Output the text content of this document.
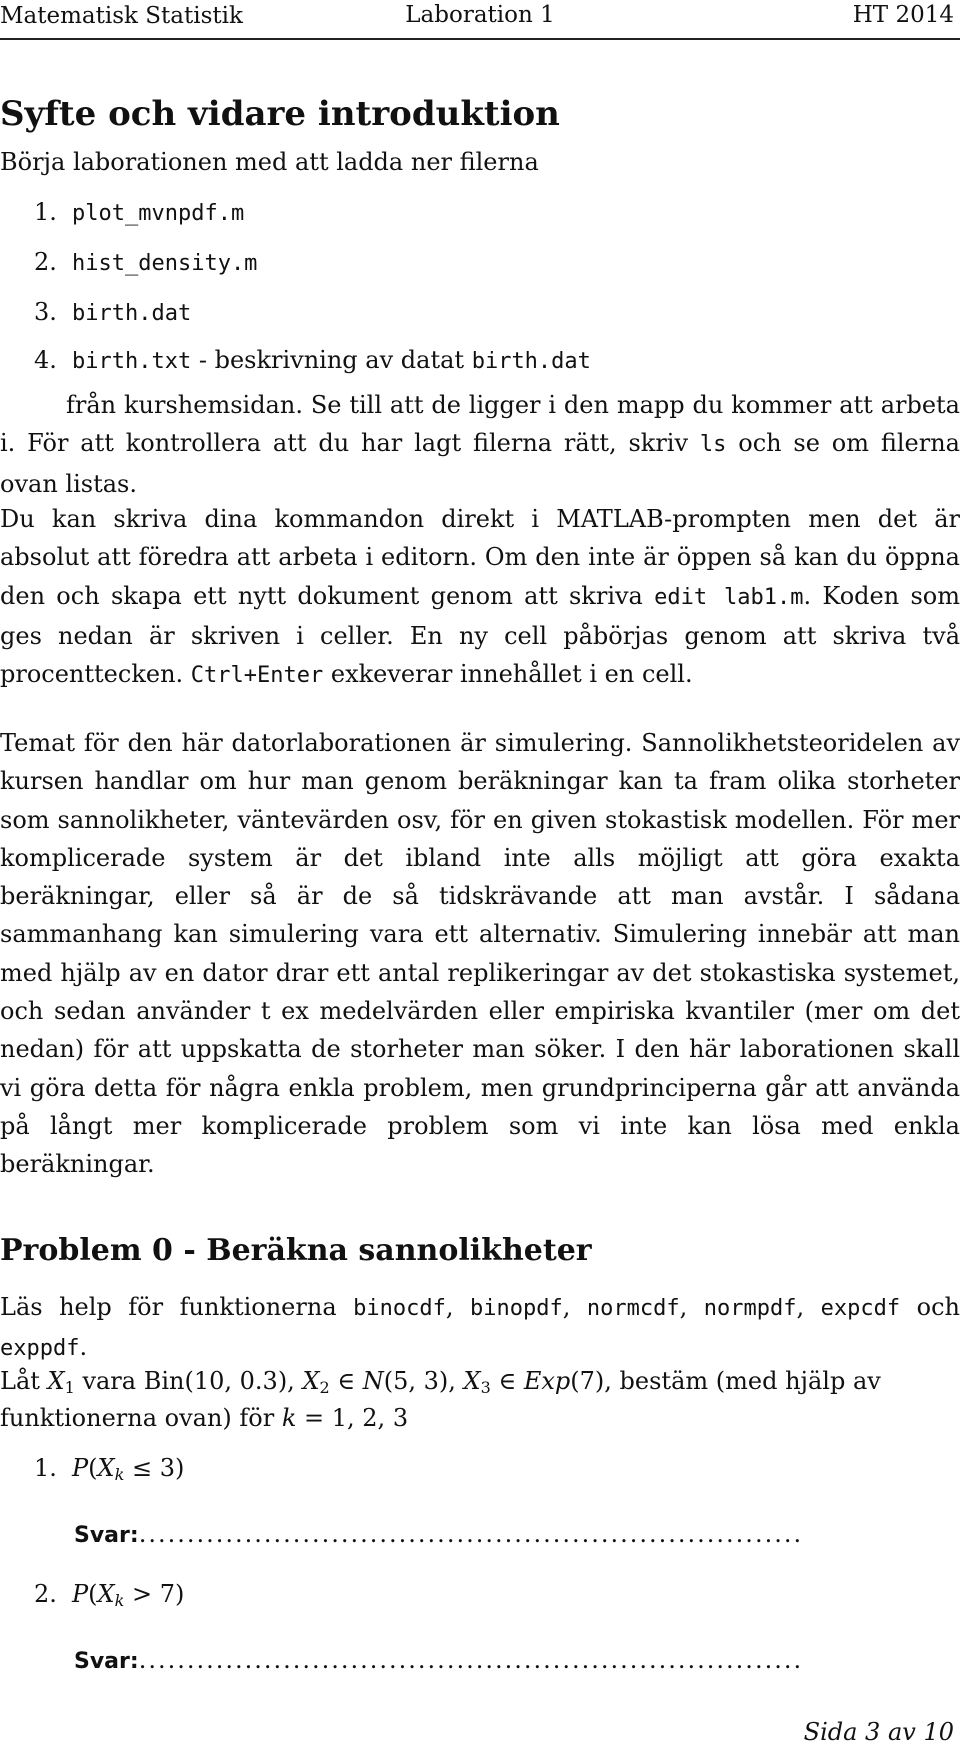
Matematisk Statistik	Laboration 1	HT 2014
Syfte och vidare introduktion
Börja laborationen med att ladda ner filerna
1. plot_mvnpdf.m
2. hist_density.m
3. birth.dat
4. birth.txt - beskrivning av datat birth.dat
från kurshemsidan. Se till att de ligger i den mapp du kommer att arbeta i. För att kontrollera att du har lagt filerna rätt, skriv ls och se om filerna ovan listas.
Du kan skriva dina kommandon direkt i MATLAB-prompten men det är absolut att föredra att arbeta i editorn. Om den inte är öppen så kan du öppna den och skapa ett nytt dokument genom att skriva edit lab1.m. Koden som ges nedan är skriven i celler. En ny cell påbörjas genom att skriva två procenttecken. Ctrl+Enter exkeverar innehållet i en cell.
Temat för den här datorlaborationen är simulering. Sannolikhetsteoridelen av kursen handlar om hur man genom beräkningar kan ta fram olika storheter som sannolikheter, väntevärden osv, för en given stokastisk modellen. För mer komplicerade system är det ibland inte alls möjligt att göra exakta beräkningar, eller så är de så tidskrävande att man avstår. I sådana sammanhang kan simulering vara ett alternativ. Simulering innebär att man med hjälp av en dator drar ett antal replikeringar av det stokastiska systemet, och sedan använder t ex medelvärden eller empiriska kvantiler (mer om det nedan) för att uppskatta de storheter man söker. I den här laborationen skall vi göra detta för några enkla problem, men grundprinciperna går att använda på långt mer komplicerade problem som vi inte kan lösa med enkla beräkningar.
Problem 0 - Beräkna sannolikheter
Läs help för funktionerna binocdf, binopdf, normcdf, normpdf, expcdf och exppdf.
Låt $X_1$ vara Bin(10, 0.3), $X_2$ ∈ N(5, 3), $X_3$ ∈ Exp(7), bestäm (med hjälp av
funktionerna ovan) för k = 1, 2, 3
1. $P(X_k \le 3)$
Svar:.....................................................................
2. $P(X_k > 7)$
Svar:.....................................................................
Sida 3 av 10
